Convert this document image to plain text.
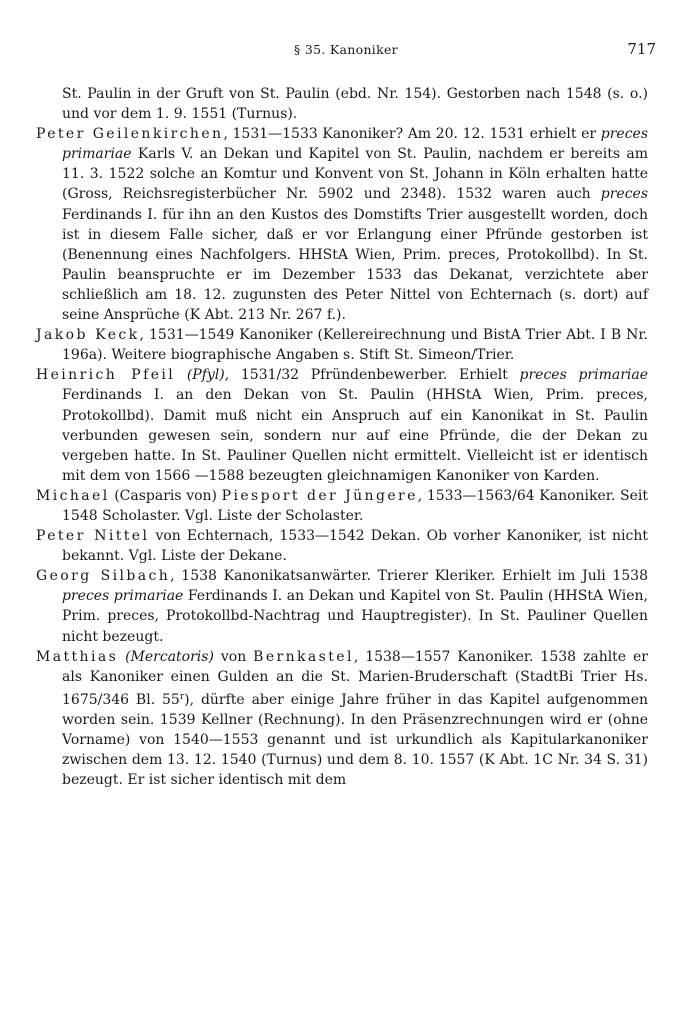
§ 35. Kanoniker	717

St. Paulin in der Gruft von St. Paulin (ebd. Nr. 154). Gestorben nach 1548 (s. o.) und vor dem 1. 9. 1551 (Turnus).

Peter Geilenkirchen, 1531—1533 Kanoniker? Am 20. 12. 1531 erhielt er preces primariae Karls V. an Dekan und Kapitel von St. Paulin, nachdem er bereits am 11. 3. 1522 solche an Komtur und Konvent von St. Johann in Köln erhalten hatte (Gross, Reichsregisterbücher Nr. 5902 und 2348). 1532 waren auch preces Ferdinands I. für ihn an den Kustos des Domstifts Trier ausgestellt worden, doch ist in diesem Falle sicher, daß er vor Erlangung einer Pfründe gestorben ist (Benennung eines Nachfolgers. HHStA Wien, Prim. preces, Protokollbd). In St. Paulin beanspruchte er im Dezember 1533 das Dekanat, verzichtete aber schließlich am 18. 12. zugunsten des Peter Nittel von Echternach (s. dort) auf seine Ansprüche (K Abt. 213 Nr. 267 f.).

Jakob Keck, 1531—1549 Kanoniker (Kellereirechnung und BistA Trier Abt. I B Nr. 196a). Weitere biographische Angaben s. Stift St. Simeon/Trier.

Heinrich Pfeil (Pfyl), 1531/32 Pfründenbewerber. Erhielt preces primariae Ferdinands I. an den Dekan von St. Paulin (HHStA Wien, Prim. preces, Protokollbd). Damit muß nicht ein Anspruch auf ein Kanonikat in St. Paulin verbunden gewesen sein, sondern nur auf eine Pfründe, die der Dekan zu vergeben hatte. In St. Pauliner Quellen nicht ermittelt. Vielleicht ist er identisch mit dem von 1566 —1588 bezeugten gleichnamigen Kanoniker von Karden.

Michael (Casparis von) Piesport der Jüngere, 1533—1563/64 Kanoniker. Seit 1548 Scholaster. Vgl. Liste der Scholaster.

Peter Nittel von Echternach, 1533—1542 Dekan. Ob vorher Kanoniker, ist nicht bekannt. Vgl. Liste der Dekane.

Georg Silbach, 1538 Kanonikatsanwärter. Trierer Kleriker. Erhielt im Juli 1538 preces primariae Ferdinands I. an Dekan und Kapitel von St. Paulin (HHStA Wien, Prim. preces, Protokollbd-Nachtrag und Hauptregister). In St. Pauliner Quellen nicht bezeugt.

Matthias (Mercatoris) von Bernkastel, 1538—1557 Kanoniker. 1538 zahlte er als Kanoniker einen Gulden an die St. Marien-Bruderschaft (StadtBi Trier Hs. 1675/346 Bl. 55$^r$), dürfte aber einige Jahre früher in das Kapitel aufgenommen worden sein. 1539 Kellner (Rechnung). In den Präsenzrechnungen wird er (ohne Vorname) von 1540—1553 genannt und ist urkundlich als Kapitularkanoniker zwischen dem 13. 12. 1540 (Turnus) und dem 8. 10. 1557 (K Abt. 1C Nr. 34 S. 31) bezeugt. Er ist sicher identisch mit dem
